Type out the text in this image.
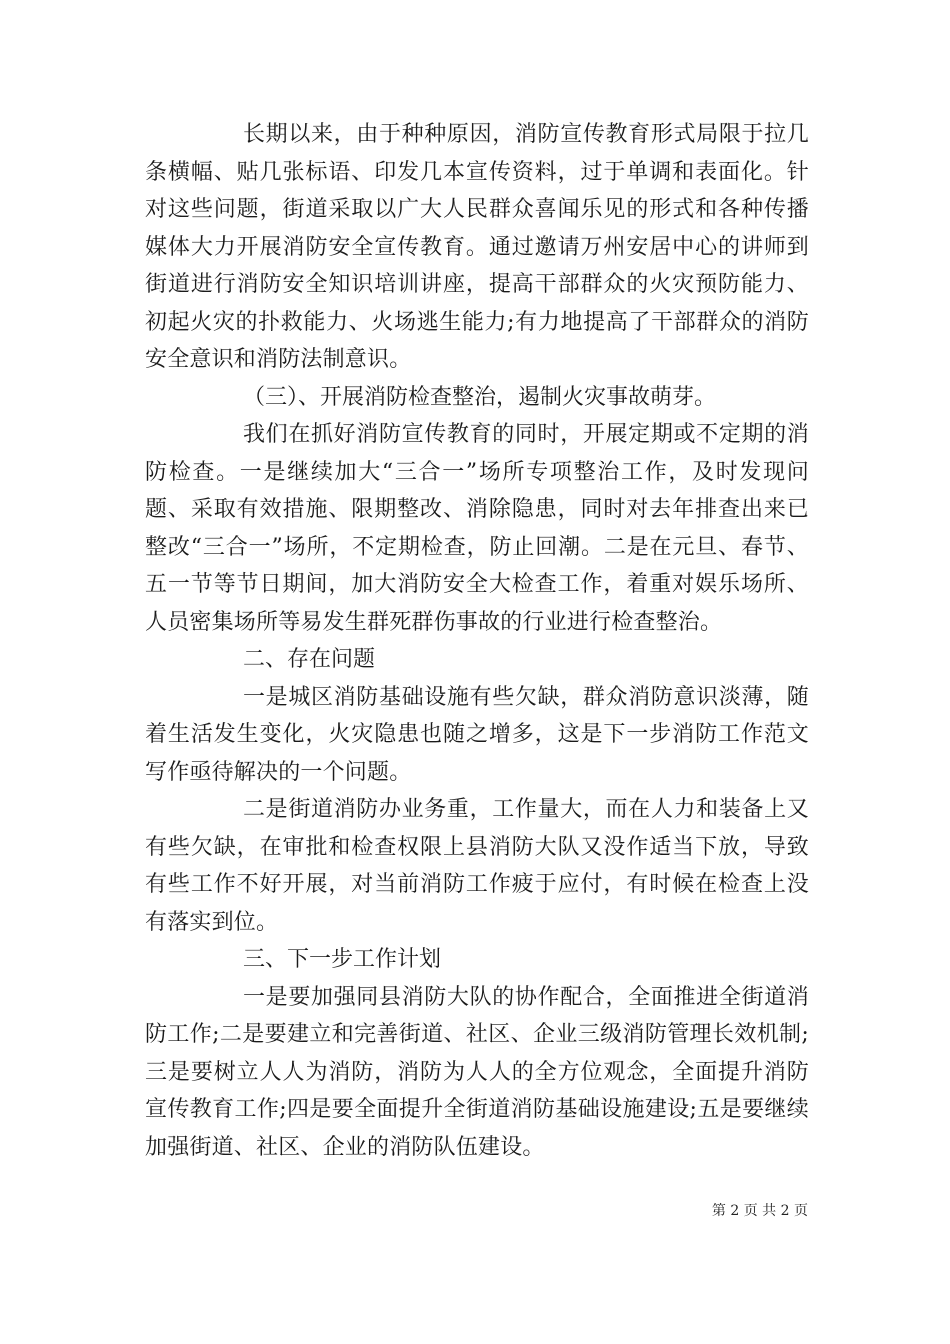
长期以来，由于种种原因，消防宣传教育形式局限于拉几条横幅、贴几张标语、印发几本宣传资料，过于单调和表面化。针对这些问题，街道采取以广大人民群众喜闻乐见的形式和各种传播媒体大力开展消防安全宣传教育。通过邀请万州安居中心的讲师到街道进行消防安全知识培训讲座，提高干部群众的火灾预防能力、初起火灾的扑救能力、火场逃生能力;有力地提高了干部群众的消防安全意识和消防法制意识。

（三）、开展消防检查整治，遏制火灾事故萌芽。

我们在抓好消防宣传教育的同时，开展定期或不定期的消防检查。一是继续加大“三合一”场所专项整治工作，及时发现问题、采取有效措施、限期整改、消除隐患，同时对去年排查出来已整改“三合一”场所，不定期检查，防止回潮。二是在元旦、春节、五一节等节日期间，加大消防安全大检查工作，着重对娱乐场所、人员密集场所等易发生群死群伤事故的行业进行检查整治。

二、存在问题

一是城区消防基础设施有些欠缺，群众消防意识淡薄，随着生活发生变化，火灾隐患也随之增多，这是下一步消防工作范文写作亟待解决的一个问题。

二是街道消防办业务重，工作量大，而在人力和装备上又有些欠缺，在审批和检查权限上县消防大队又没作适当下放，导致有些工作不好开展，对当前消防工作疲于应付，有时候在检查上没有落实到位。

三、下一步工作计划

一是要加强同县消防大队的协作配合，全面推进全街道消防工作;二是要建立和完善街道、社区、企业三级消防管理长效机制;三是要树立人人为消防，消防为人人的全方位观念，全面提升消防宣传教育工作;四是要全面提升全街道消防基础设施建设;五是要继续加强街道、社区、企业的消防队伍建设。

第 2 页 共 2 页
